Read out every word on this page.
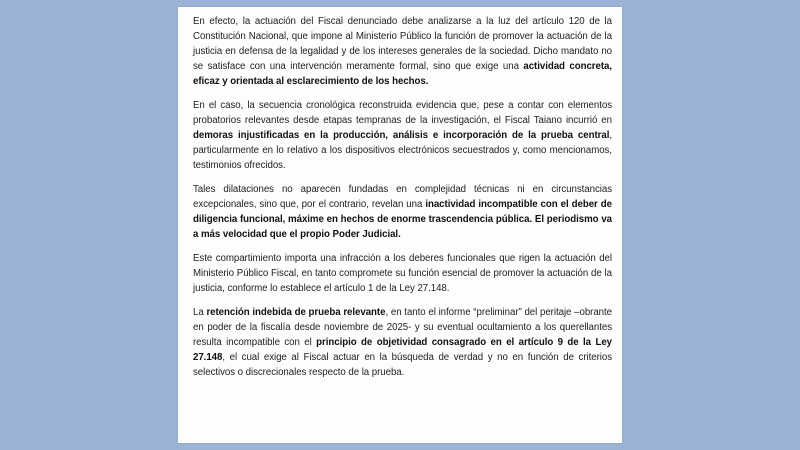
En efecto, la actuación del Fiscal denunciado debe analizarse a la luz del artículo 120 de la Constitución Nacional, que impone al Ministerio Público la función de promover la actuación de la justicia en defensa de la legalidad y de los intereses generales de la sociedad. Dicho mandato no se satisface con una intervención meramente formal, sino que exige una actividad concreta, eficaz y orientada al esclarecimiento de los hechos.

En el caso, la secuencia cronológica reconstruida evidencia que, pese a contar con elementos probatorios relevantes desde etapas tempranas de la investigación, el Fiscal Taiano incurrió en demoras injustificadas en la producción, análisis e incorporación de la prueba central, particularmente en lo relativo a los dispositivos electrónicos secuestrados y, como mencionamos, testimonios ofrecidos.

Tales dilataciones no aparecen fundadas en complejidad técnicas ni en circunstancias excepcionales, sino que, por el contrario, revelan una inactividad incompatible con el deber de diligencia funcional, máxime en hechos de enorme trascendencia pública. El periodismo va a más velocidad que el propio Poder Judicial.

Este compartimiento importa una infracción a los deberes funcionales que rigen la actuación del Ministerio Público Fiscal, en tanto compromete su función esencial de promover la actuación de la justicia, conforme lo establece el artículo 1 de la Ley 27.148.

La retención indebida de prueba relevante, en tanto el informe “preliminar” del peritaje –obrante en poder de la fiscalía desde noviembre de 2025- y su eventual ocultamiento a los querellantes resulta incompatible con el principio de objetividad consagrado en el artículo 9 de la Ley 27.148, el cual exige al Fiscal actuar en la búsqueda de verdad y no en función de criterios selectivos o discrecionales respecto de la prueba.
